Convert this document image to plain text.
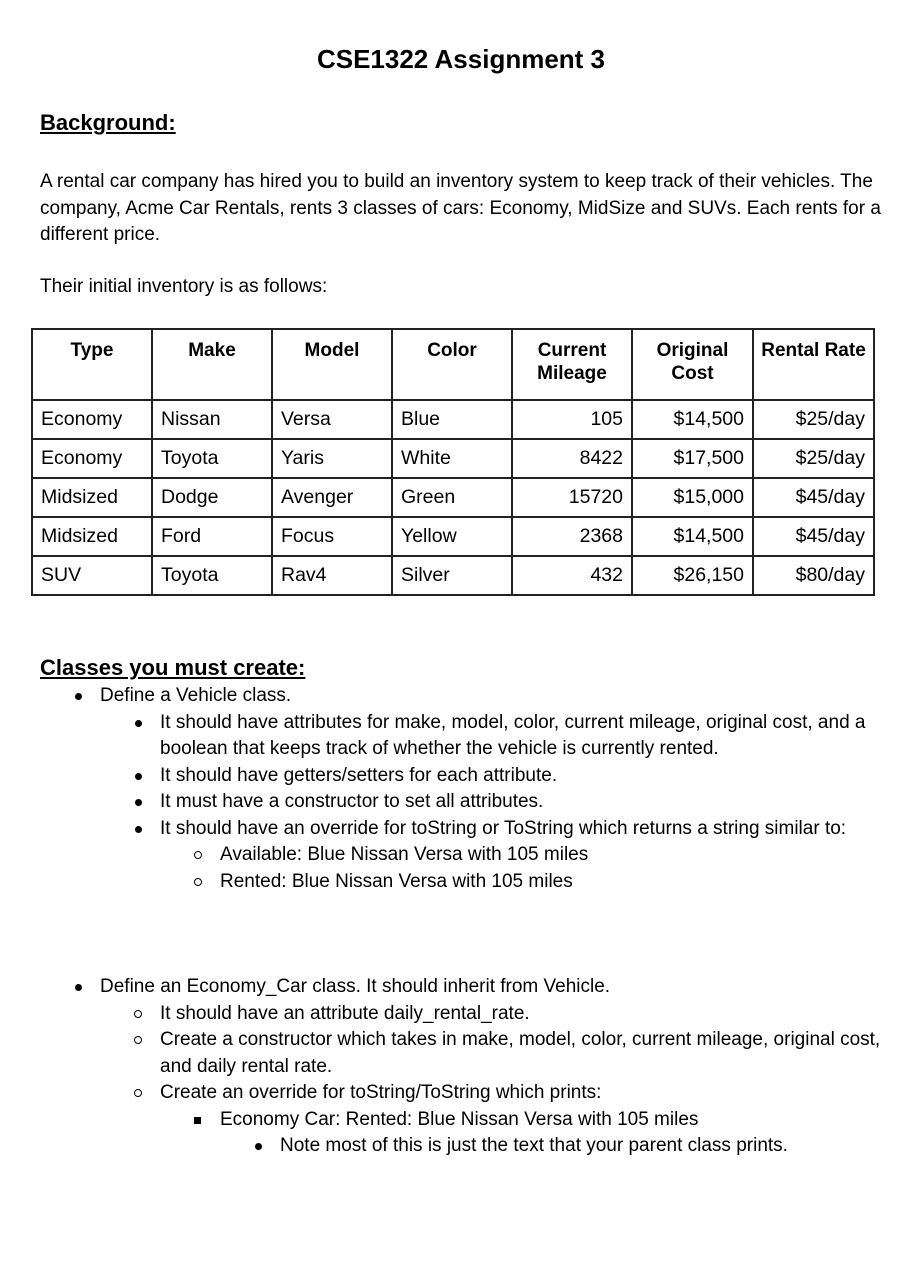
CSE1322 Assignment 3
Background:

A rental car company has hired you to build an inventory system to keep track of their vehicles. The company, Acme Car Rentals, rents 3 classes of cars: Economy, MidSize and SUVs. Each rents for a different price.

Their initial inventory is as follows:

Type	Make	Model	Color	Current Mileage	Original Cost	Rental Rate
Economy	Nissan	Versa	Blue	105	$14,500	$25/day
Economy	Toyota	Yaris	White	8422	$17,500	$25/day
Midsized	Dodge	Avenger	Green	15720	$15,000	$45/day
Midsized	Ford	Focus	Yellow	2368	$14,500	$45/day
SUV	Toyota	Rav4	Silver	432	$26,150	$80/day
Classes you must create:
Define a Vehicle class.
It should have attributes for make, model, color, current mileage, original cost, and a boolean that keeps track of whether the vehicle is currently rented.
It should have getters/setters for each attribute.
It must have a constructor to set all attributes.
It should have an override for toString or ToString which returns a string similar to:
Available: Blue Nissan Versa with 105 miles
Rented: Blue Nissan Versa with 105 miles
Define an Economy_Car class. It should inherit from Vehicle.
It should have an attribute daily_rental_rate.
Create a constructor which takes in make, model, color, current mileage, original cost, and daily rental rate.
Create an override for toString/ToString which prints:
Economy Car: Rented: Blue Nissan Versa with 105 miles
Note most of this is just the text that your parent class prints.
